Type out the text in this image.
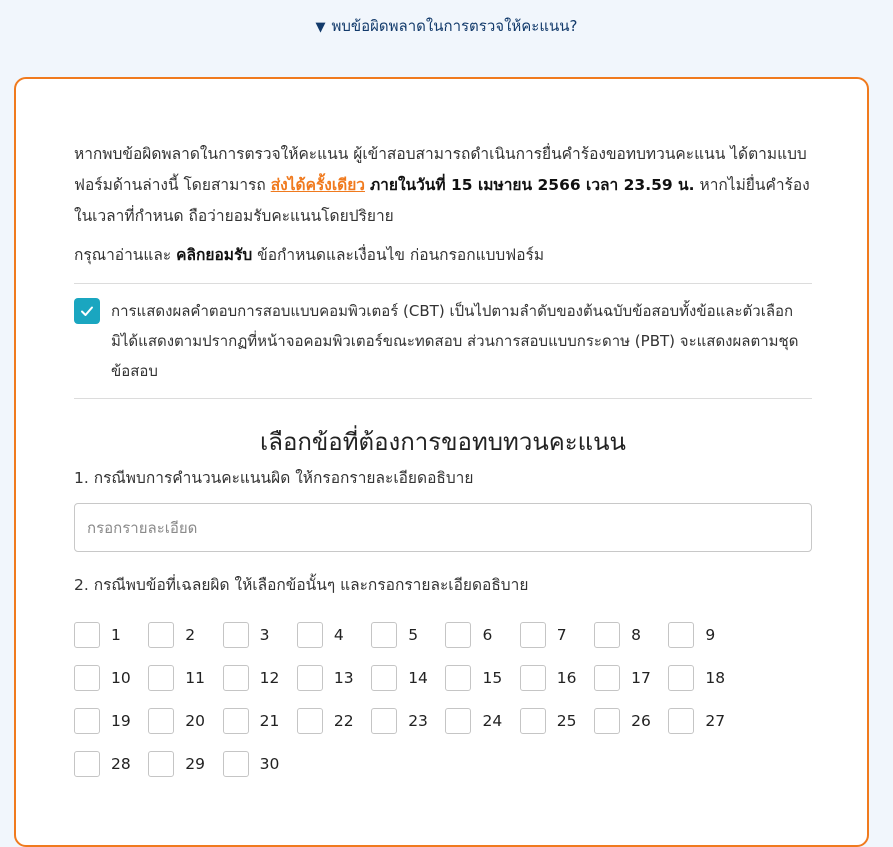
▼ พบข้อผิดพลาดในการตรวจให้คะแนน?

หากพบข้อผิดพลาดในการตรวจให้คะแนน ผู้เข้าสอบสามารถดำเนินการยื่นคำร้องขอทบทวนคะแนน ได้ตามแบบฟอร์มด้านล่างนี้ โดยสามารถ ส่งได้ครั้งเดียว ภายในวันที่ 15 เมษายน 2566 เวลา 23.59 น. หากไม่ยื่นคำร้องในเวลาที่กำหนด ถือว่ายอมรับคะแนนโดยปริยาย

กรุณาอ่านและ คลิกยอมรับ ข้อกำหนดและเงื่อนไข ก่อนกรอกแบบฟอร์ม

การแสดงผลคำตอบการสอบแบบคอมพิวเตอร์ (CBT) เป็นไปตามลำดับของต้นฉบับข้อสอบทั้งข้อและตัวเลือก มิได้แสดงตามปรากฏที่หน้าจอคอมพิวเตอร์ขณะทดสอบ ส่วนการสอบแบบกระดาษ (PBT) จะแสดงผลตามชุดข้อสอบ
เลือกข้อที่ต้องการขอทบทวนคะแนน
1. กรณีพบการคำนวนคะแนนผิด ให้กรอกรายละเอียดอธิบาย
กรอกรายละเอียด
2. กรณีพบข้อที่เฉลยผิด ให้เลือกข้อนั้นๆ และกรอกรายละเอียดอธิบาย
1	2	3	4	5	6	7	8	9
10	11	12	13	14	15	16	17	18
19	20	21	22	23	24	25	26	27
28	29	30
